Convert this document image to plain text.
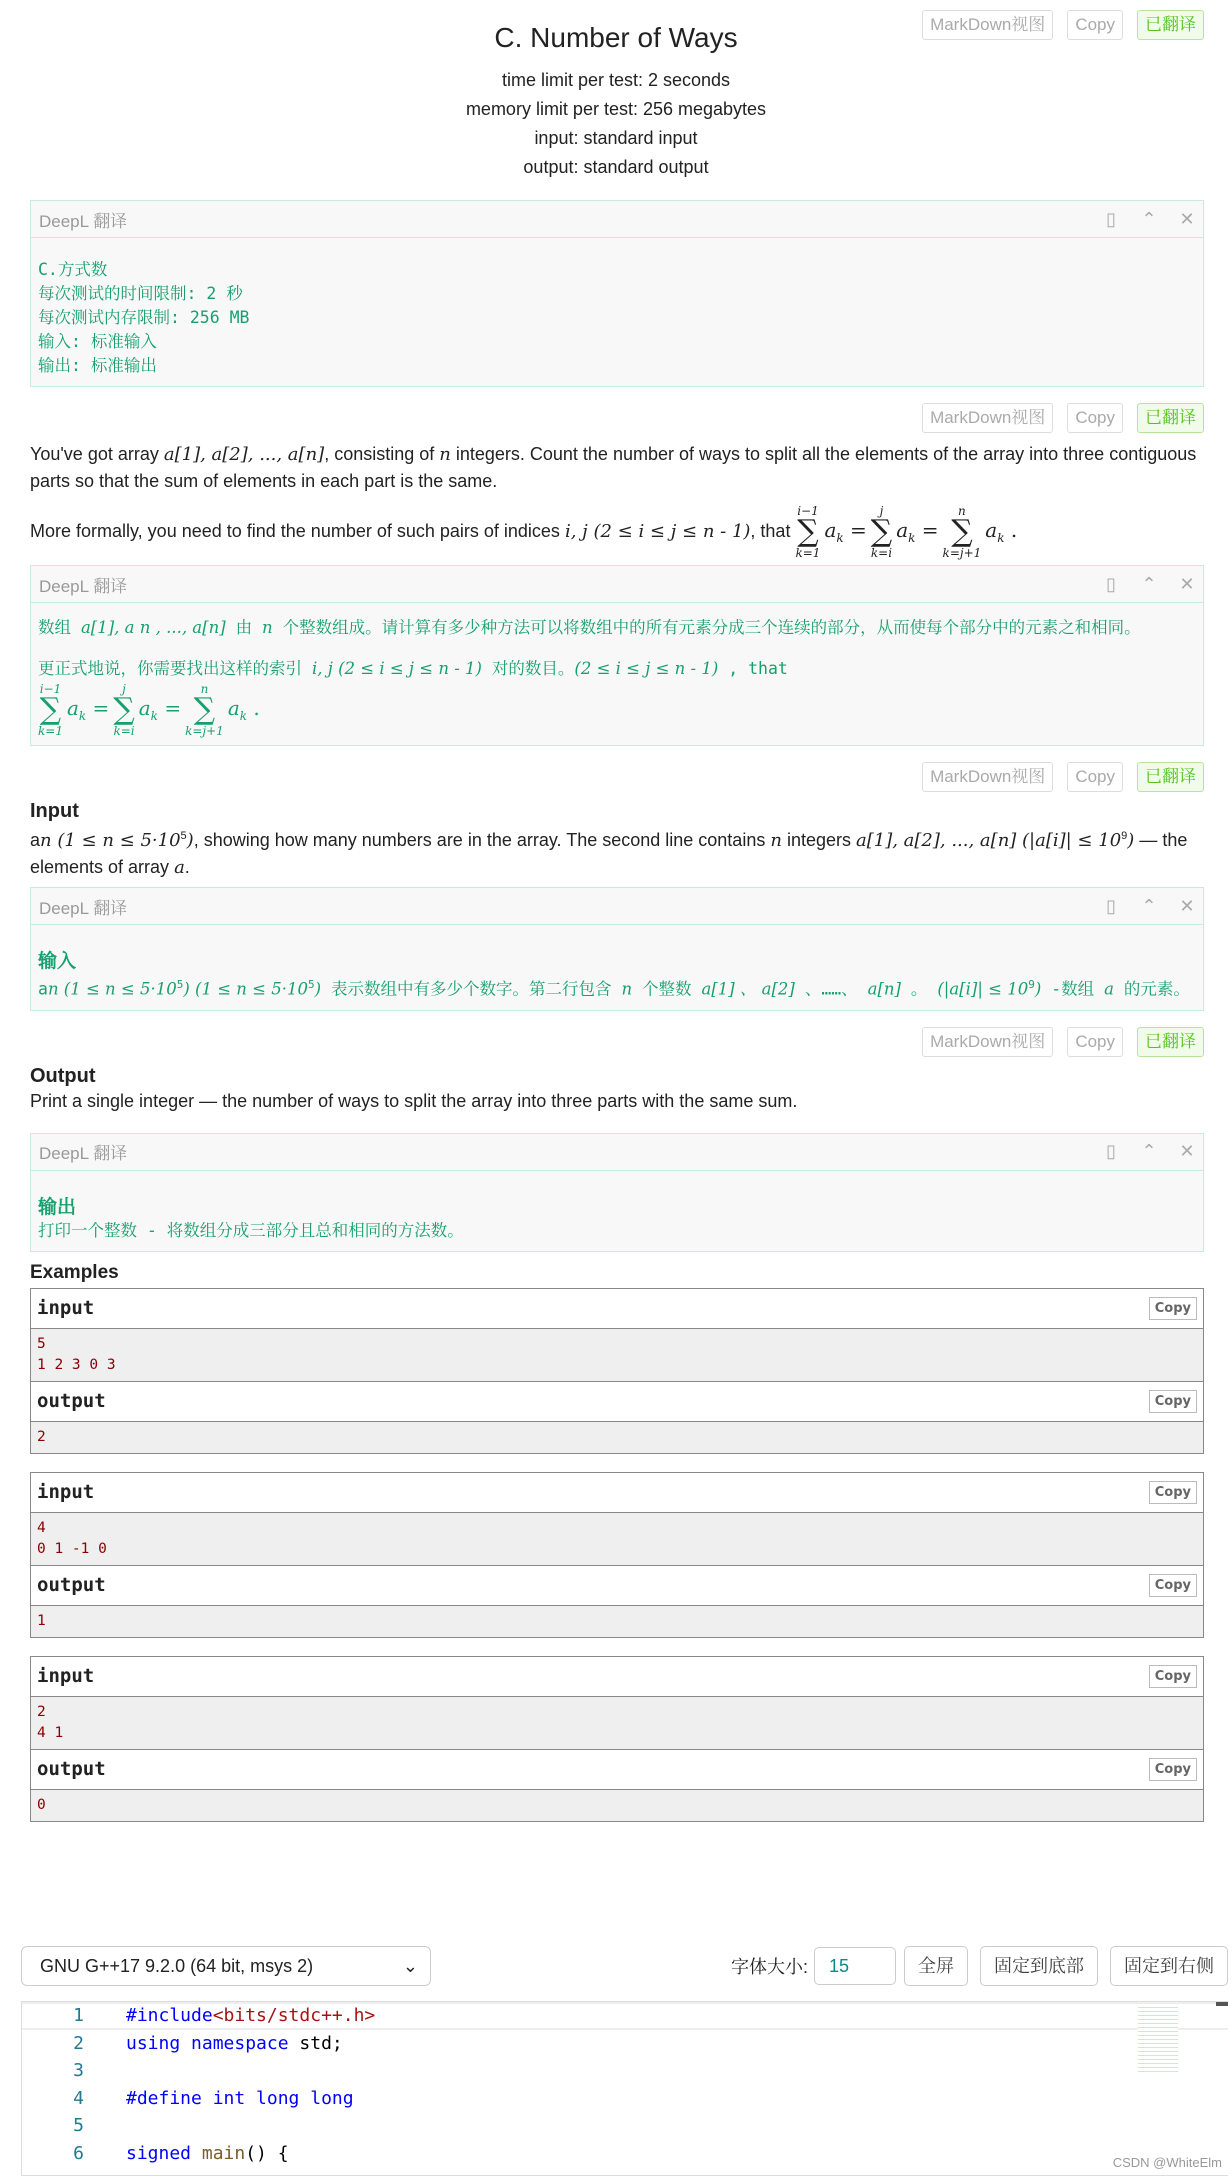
MarkDown视图	Copy	已翻译
C. Number of Ways
time limit per test: 2 seconds
memory limit per test: 256 megabytes
input: standard input
output: standard output
DeepL 翻译	▯ ⌃ ✕
C.方式数
每次测试的时间限制: 2 秒
每次测试内存限制: 256 MB
输入: 标准输入
输出: 标准输出
MarkDown视图	Copy	已翻译
You've got array a[1], a[2], ..., a[n], consisting of n integers. Count the number of ways to split all the elements of the array into three contiguous parts so that the sum of elements in each part is the same.
More formally, you need to find the number of such pairs of indices i, j (2 ≤ i ≤ j ≤ n - 1), that
i−1
∑
k=1
$a_k$ =
j
∑
k=i
$a_k$ =
n
∑
k=j+1
$a_k$ .
DeepL 翻译	▯ ⌃ ✕
数组 a[1], a n , ..., a[n] 由 n 个整数组成。请计算有多少种方法可以将数组中的所有元素分成三个连续的部分，从而使每个部分中的元素之和相同。
更正式地说，你需要找出这样的索引 i, j (2 ≤ i ≤ j ≤ n - 1) 对的数目。(2 ≤ i ≤ j ≤ n - 1) , that
i−1
∑
k=1
$a_k$ =
j
∑
k=i
$a_k$ =
n
∑
k=j+1
$a_k$ .
MarkDown视图	Copy	已翻译
Input
an $(1 \le n \le 5\cdot 10^5)$, showing how many numbers are in the array. The second line contains n integers a[1], a[2], ..., a[n] $(|a[i]| \le 10^9)$ — the elements of array a.
DeepL 翻译	▯ ⌃ ✕
输入
an $(1 \le n \le 5\cdot 10^5)$ $(1 \le n \le 5\cdot 10^5)$ 表示数组中有多少个数字。第二行包含 n 个整数 a[1] 、 a[2] 、……、 a[n] 。 $(|a[i]| \le 10^9)$ -数组 a 的元素。
MarkDown视图	Copy	已翻译
Output
Print a single integer — the number of ways to split the array into three parts with the same sum.
DeepL 翻译	▯ ⌃ ✕
输出
打印一个整数 - 将数组分成三部分且总和相同的方法数。
Examples
input	Copy
5
1 2 3 0 3
output	Copy
2
input	Copy
4
0 1 -1 0
output	Copy
1
input	Copy
2
4 1
output	Copy
0
GNU G++17 9.2.0 (64 bit, msys 2)	⌄	字体大小:	15	全屏	固定到底部	固定到右侧
1	#include<bits/stdc++.h>
2	using namespace std;
3
4	#define int long long
5
6	signed main() {	CSDN @WhiteElm
